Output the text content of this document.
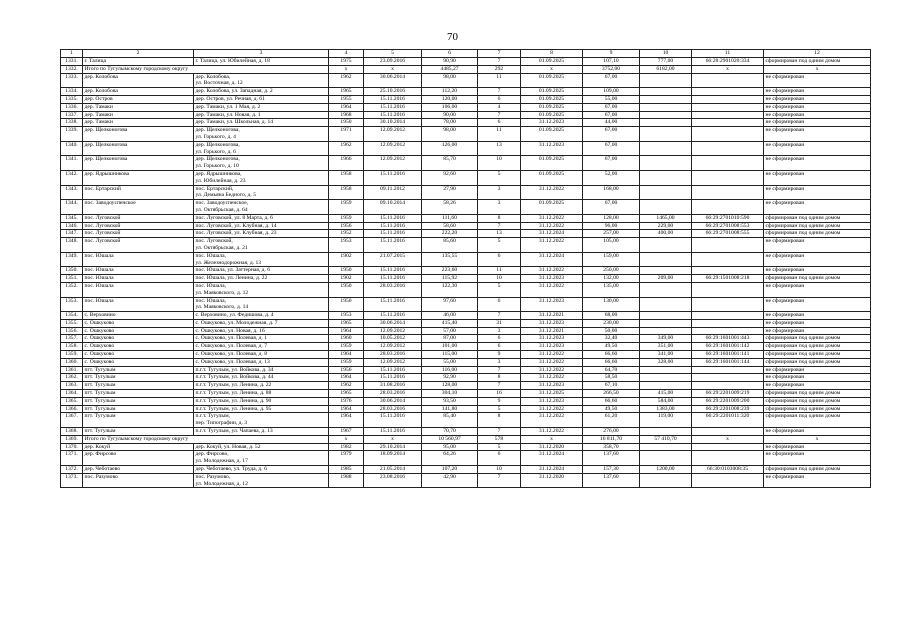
70
1	2	3	4	5	6	7	8	9	10	11	12

1331.	г. Талица	г. Талица, ул. Юбилейная, д. 18	1975	23.09.2016	90,90	7	01.09.2025	107,10	777,00	66:28:2901020:334	сформирован под одним домом

1332.	Итого по Тугулымскому городскому округу		х	х	4485,27	292	х	3752,00	6182,00	х	х

1333.	дер. Колобова	дер. Колобова,
ул. Восточная, д. 12	1962	30.06.2014	98,00	11	01.09.2025	67,00			не сформирован

1334.	дер. Колобова	дер. Колобова, ул. Западная, д. 2	1965	25.10.2016	112,20	7	01.09.2025	109,00			не сформирован

1335.	дер. Остров	дер. Остров, ул. Речная, д. 61	1955	15.11.2016	120,00	6	01.09.2025	55,00			не сформирован

1336.	дер. Тамаки	дер. Тамаки, ул. 1 Мая, д. 2	1964	15.11.2016	106,00	4	01.09.2025	67,00			не сформирован

1337.	дер. Тамаки	дер. Тамаки, ул. Новая, д. 1	1968	15.11.2016	90,00	7	01.09.2025	67,00			не сформирован

1338.	дер. Тамаки	дер. Тамаки, ул. Школьная, д. 14	1950	30.10.2014	78,00	6	31.12.2023	44,00			не сформирован

1339.	дер. Щелконогова	дер. Щелконогова,
ул. Горького, д. 4	1971	12.09.2012	98,00	11	01.09.2025	67,00			не сформирован

1340.	дер. Щелконогова	дер. Щелконогова,
ул. Горького, д. 6	1962	12.09.2012	126,00	13	31.12.2023	67,00			не сформирован

1341.	дер. Щелконогова	дер. Щелконогова,
ул. Горького, д. 10	1966	12.09.2012	85,70	10	01.09.2025	67,00			не сформирован

1342.	дер. Ядрышникова	дер. Ядрышникова,
ул. Юбилейная, д. 23	1958	15.11.2016	92,60	5	01.09.2025	52,00			не сформирован

1343.	пос. Ертарский	пос. Ертарский,
ул. Демьяна Бедного, д. 5	1958	09.11.2012	27,90	3	31.12.2022	168,00			не сформирован

1344.	пос. Заводоуспенское	пос. Заводоуспенское,
ул. Октябрьская, д. 64	1959	09.10.2014	58,26	3	01.09.2025	67,00			не сформирован

1345.	пос. Луговской	пос. Луговской, ул. 8 Марта, д. 6	1959	15.11.2016	111,60	8	31.12.2022	128,00	1465,00	66:29:2701010:590	сформирован под одним домом

1346.	пос. Луговской	пос. Луговской, ул. Клубная, д. 14	1956	15.11.2016	58,60	7	31.12.2022	96,00	229,00	66:29:2701008:553	сформирован под одним домом

1347.	пос. Луговской	пос. Луговской, ул. Клубная, д. 23	1952	15.11.2016	222,20	13	31.12.2024	257,00	400,00	66:29:2701008:555	сформирован под одним домом

1348.	пос. Луговской	пос. Луговской,
ул. Октябрьская, д. 21	1953	15.11.2016	85,60	5	31.12.2022	105,00			не сформирован

1349.	пос. Юшала	пос. Юшала,
ул. Железнодорожная, д. 13	1902	21.07.2015	135,55	6	31.12.2024	159,00			не сформирован

1350.	пос. Юшала	пос. Юшала, ул. Заттерная, д. 6	1950	15.11.2016	223,60	11	31.12.2022	250,00			не сформирован

1351.	пос. Юшала	пос. Юшала, ул. Ленина, д. 22	1902	15.11.2016	115,92	10	31.12.2023	132,00	209,00	66:29:1501008:218	сформирован под одним домом

1352.	пос. Юшала	пос. Юшала,
ул. Маяковского, д. 12	1950	28.03.2016	122,30	5	31.12.2022	135,00			не сформирован

1353.	пос. Юшала	пос. Юшала,
ул. Маяковского, д. 14	1950	15.11.2016	97,60	6	31.12.2023	130,00			не сформирован

1354.	с. Верховино	с. Верховино, ул. Федишова, д. 4	1953	15.11.2016	46,00	7	31.12.2021	68,00			не сформирован

1355.	с. Ошкуково	с. Ошкуково, ул. Молодежная, д. 7	1965	30.06.2014	415,40	31	31.12.2023	230,00			не сформирован

1356.	с. Ошкуково	с. Ошкуково, ул. Новая, д. 16	1964	12.09.2012	57,00	3	31.12.2021	50,00			не сформирован

1357.	с. Ошкуково	с. Ошкуково, ул. Полевая, д. 1	1960	10.05.2012	87,00	6	31.12.2023	32,40	349,00	66:29:1601001:443	сформирован под одним домом

1358.	с. Ошкуково	с. Ошкуково, ул. Полевая, д. 7	1959	12.09.2012	101,00	6	31.12.2023	49,50	351,00	66:29:1601001:142	сформирован под одним домом

1359.	с. Ошкуково	с. Ошкуково, ул. Полевая, д. 8	1964	28.03.2016	115,00	9	31.12.2022	66,60	341,00	66:29:1601001:141	сформирован под одним домом

1360.	с. Ошкуково	с. Ошкуково, ул. Полевая, д. 13	1959	12.09.2012	55,00	3	31.12.2022	66,60	328,00	66:29:1601001:144	сформирован под одним домом

1361.	пгт. Тугулым	п.г.т. Тугулым, ул. Войкова, д. 34	1956	15.11.2016	116,00	7	31.12.2022	64,70			не сформирован

1362.	пгт. Тугулым	п.г.т. Тугулым, ул. Войкова, д. 44	1964	15.11.2016	92,90	8	31.12.2022	58,50			не сформирован

1363.	пгт. Тугулым	п.г.т. Тугулым, ул. Ленина, д. 22	1962	31.08.2016	128,00	7	31.12.2023	67,10			не сформирован

1364.	пгт. Тугулым	п.г.т. Тугулым, ул. Ленина, д. 88	1965	28.03.2016	304,10	16	31.12.2025	266,50	415,00	66:29:2201009:219	сформирован под одним домом

1365.	пгт. Тугулым	п.г.т. Тугулым, ул. Ленина, д. 90	1976	30.06.2014	93,50	9	31.12.2023	66,60	584,00	66:29:2201009:200	сформирован под одним домом

1366.	пгт. Тугулым	п.г.т. Тугулым, ул. Ленина, д. 95	1964	28.03.2016	141,80	5	31.12.2022	49,50	1383,00	66:29:2201008:239	сформирован под одним домом

1367.	пгт. Тугулым	п.г.т. Тугулым,
пер. Типографии, д. 3	1964	15.11.2016	85,40	8	31.12.2022	61,20	119,00	66:29:2201011:320	сформирован под одним домом

1368.	пгт. Тугулым	п.г.т. Тугулым, ул. Чапаева, д. 13	1967	15.11.2016	70,70	7	31.12.2022	276,00			не сформирован

1369.	Итого по Тугулымскому городскому округу		х	х	10 560,97	578	х	16 811,70	57 410,70	х	х

1370.	дер. Кокуй	дер. Кокуй, ул. Новая, д. 52	1982	29.10.2014	95,00	5	31.12.2020	358,70			не сформирован

1371.	дер. Фирсово	дер. Фирсово,
ул. Молодежная, д. 17	1979	18.09.2014	64,26	6	31.12.2024	137,60			не сформирован

1372.	дер. Чеботаево	дер. Чеботаево, ул. Труда, д. 6	1985	21.05.2014	107,20	10	31.12.2024	157,30	1200,00	66:30:0103008:35	сформирован под одним домом

1373.	пос. Разумово	пос. Разумово,
ул. Молодежная, д. 12	1988	23.08.2016	42,90	7	31.12.2020	137,60			не сформирован
